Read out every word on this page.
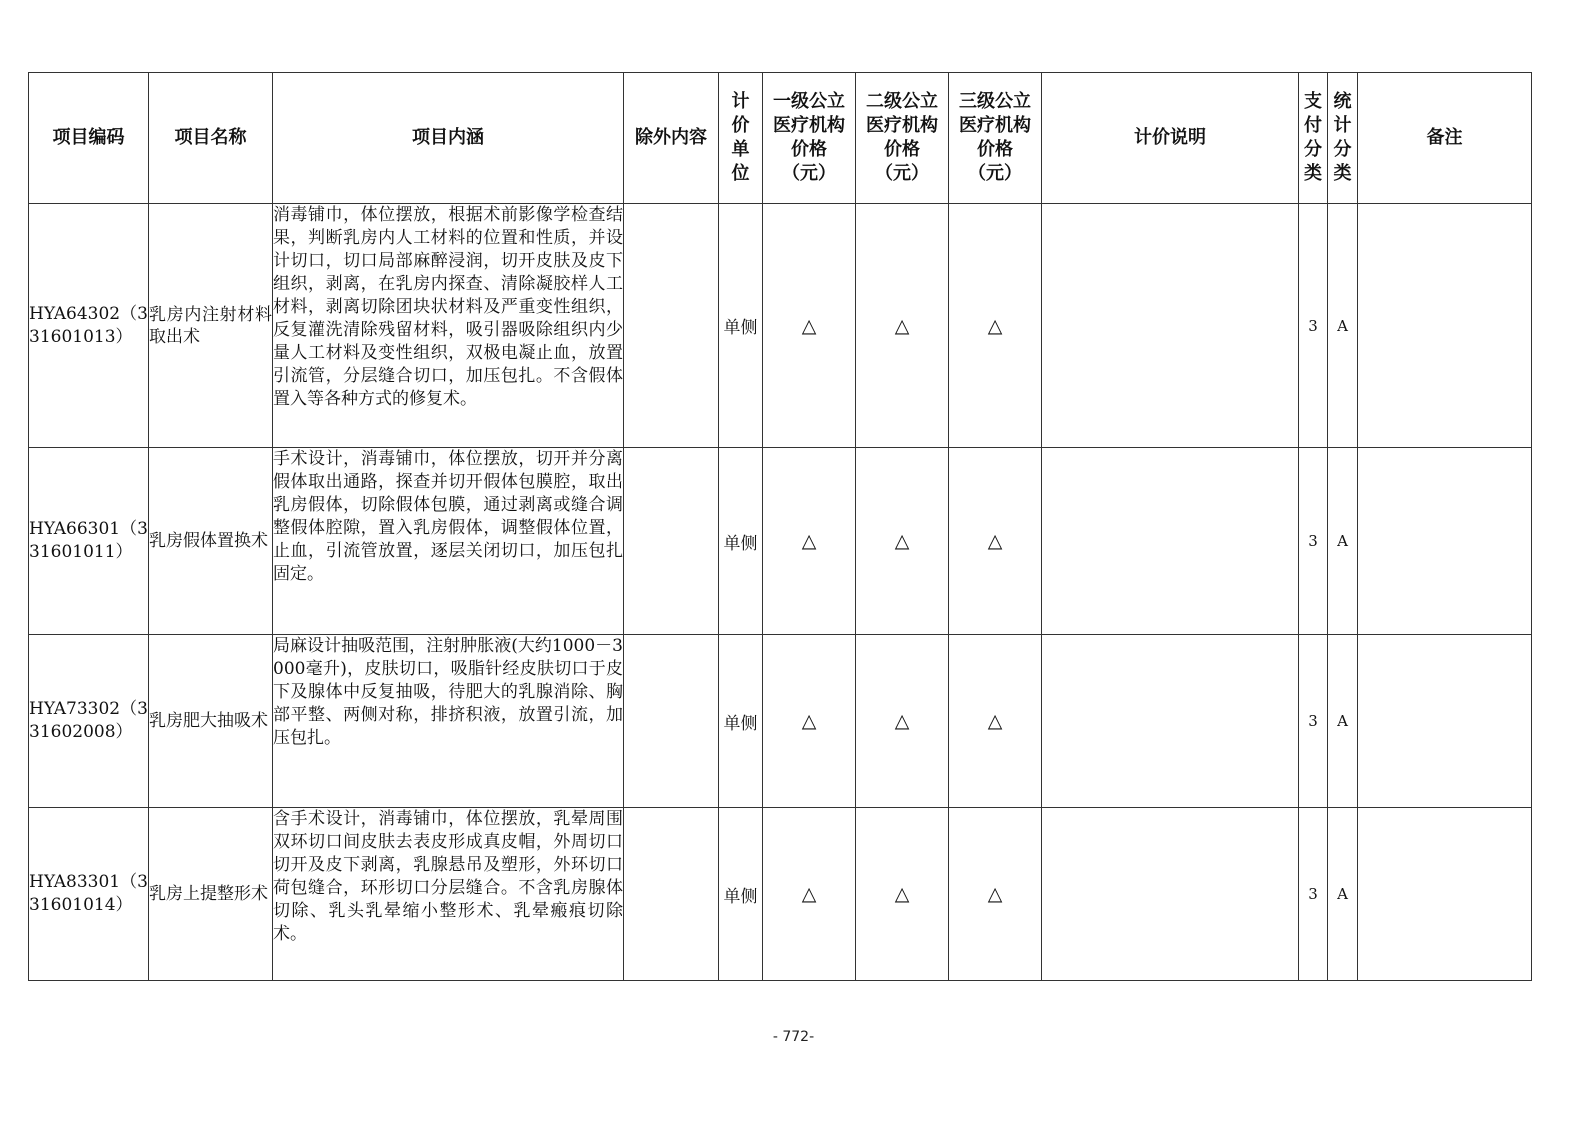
项目编码	项目名称	项目内涵	除外内容	计价单位	一级公立医疗机构价格（元）	二级公立医疗机构价格（元）	三级公立医疗机构价格（元）	计价说明	支付分类	统计分类	备注
HYA64302（331601013）	乳房内注射材料取出术	消毒铺巾，体位摆放，根据术前影像学检查结果，判断乳房内人工材料的位置和性质，并设计切口，切口局部麻醉浸润，切开皮肤及皮下组织，剥离，在乳房内探查、清除凝胶样人工材料，剥离切除团块状材料及严重变性组织，反复灌洗清除残留材料，吸引器吸除组织内少量人工材料及变性组织，双极电凝止血，放置引流管，分层缝合切口，加压包扎。不含假体置入等各种方式的修复术。		单侧	△	△	△		3	A	
HYA66301（331601011）	乳房假体置换术	手术设计，消毒铺巾，体位摆放，切开并分离假体取出通路，探查并切开假体包膜腔，取出乳房假体，切除假体包膜，通过剥离或缝合调整假体腔隙，置入乳房假体，调整假体位置，止血，引流管放置，逐层关闭切口，加压包扎固定。		单侧	△	△	△		3	A	
HYA73302（331602008）	乳房肥大抽吸术	局麻设计抽吸范围，注射肿胀液(大约1000－3000毫升)，皮肤切口，吸脂针经皮肤切口于皮下及腺体中反复抽吸，待肥大的乳腺消除、胸部平整、两侧对称，排挤积液，放置引流，加压包扎。		单侧	△	△	△		3	A	
HYA83301（331601014）	乳房上提整形术	含手术设计，消毒铺巾，体位摆放，乳晕周围双环切口间皮肤去表皮形成真皮帽，外周切口切开及皮下剥离，乳腺悬吊及塑形，外环切口荷包缝合，环形切口分层缝合。不含乳房腺体切除、乳头乳晕缩小整形术、乳晕瘢痕切除术。		单侧	△	△	△		3	A	
- 772-
